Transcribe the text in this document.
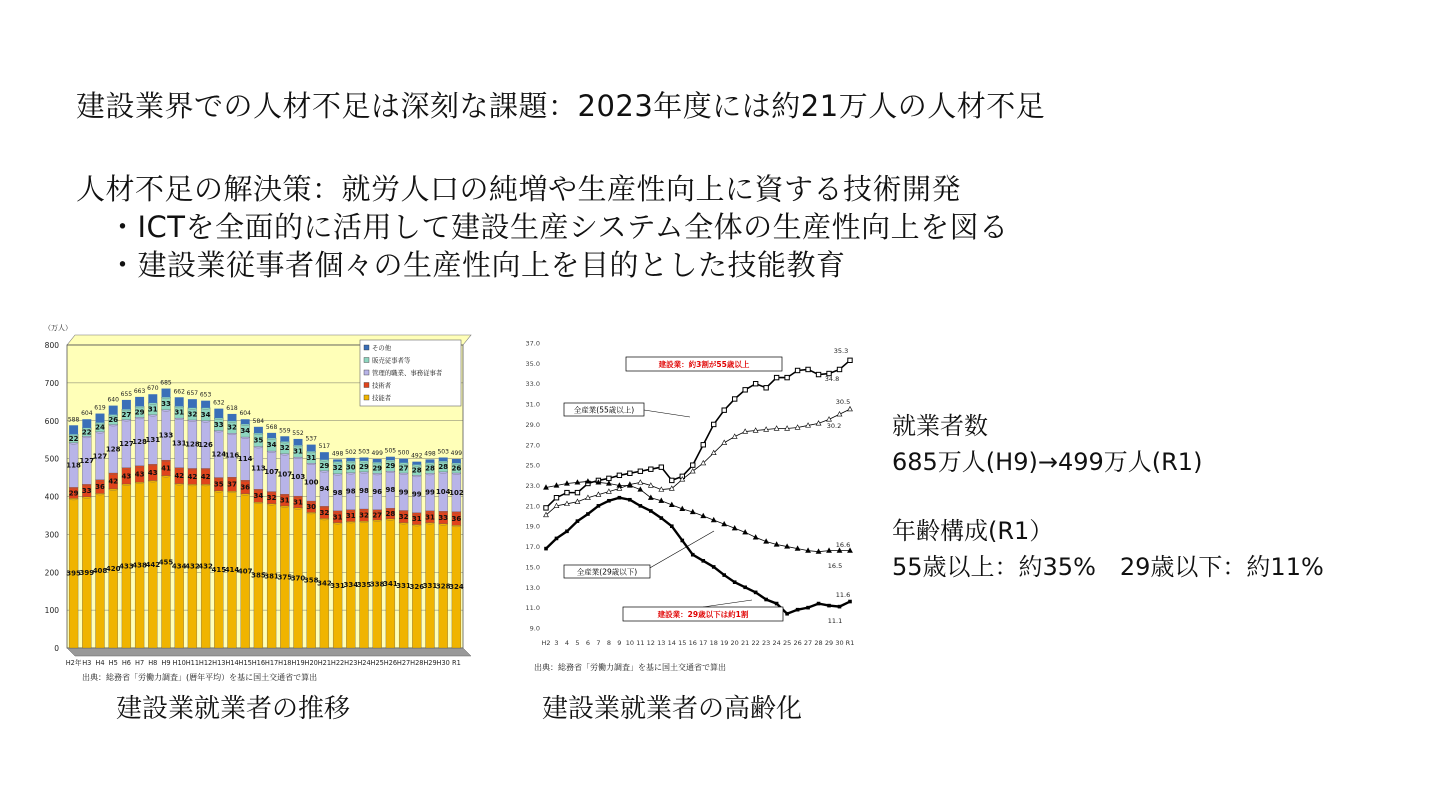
建設業界での人材不足は深刻な課題：2023年度には約21万人の人材不足
人材不足の解決策：就労人口の純増や生産性向上に資する技術開発
・ICTを全面的に活用して建設生産システム全体の生産性向上を図る
・建設業従事者個々の生産性向上を目的とした技能教育
0
100
200
300
400
500
600
700
800
（万人）
395
29
118
22
588
H2年
399
33
127
22
604
H3
408
36
127
24
619
H4
420
42
128
26
640
H5
433
43
127
27
655
H6
438
43
128
29
663
H7
442
43
131
31
670
H8
455
41
133
33
685
H9
434
42
131
31
662
H10
432
42
128
32
657
H11
432
42
126
34
653
H12
415
35
124
33
632
H13
414
37
116
32
618
H14
407
36
114
34
604
H15
385
34
113
35
584
H16
381
32
107
34
568
H17
375
31
107
32
559
H18
370
31
103
31
552
H19
358
30
100
31
537
H20
342
32
94
29
517
H21
331
31
98
32
498
H22
334
31
98
30
502
H23
335
32
98
29
503
H24
338
27
96
29
499
H25
341
28
98
29
505
H26
331
32
99
27
500
H27
326
31
99
28
492
H28
331
31
99
28
498
H29
328
33
104
28
503
H30
324
36
102
26
499
R1
その他
販売従事者等
管理的職業、事務従事者
技術者
技能者
出典：総務省「労働力調査」(暦年平均）を基に国土交通省で算出
9.0
11.0
13.0
15.0
17.0
19.0
21.0
23.0
25.0
27.0
29.0
31.0
33.0
35.0
37.0
H2 3 4 5 6 7 8 9 10 11 12 13 14 15 16 17 18 19 20 21 22 23 24 25 26 27 28 29 30 R1
35.3
34.8
30.5
30.2
16.6
16.5
11.6
11.1
建設業：約3割が55歳以上
全産業(55歳以上)
全産業(29歳以下)
建設業：29歳以下は約1割
出典：総務省「労働力調査」を基に国土交通省で算出
建設業就業者の推移	建設業就業者の高齢化
就業者数
685万人(H9)→499万人(R1)
年齢構成(R1）
55歳以上：約35%　29歳以下：約11%
